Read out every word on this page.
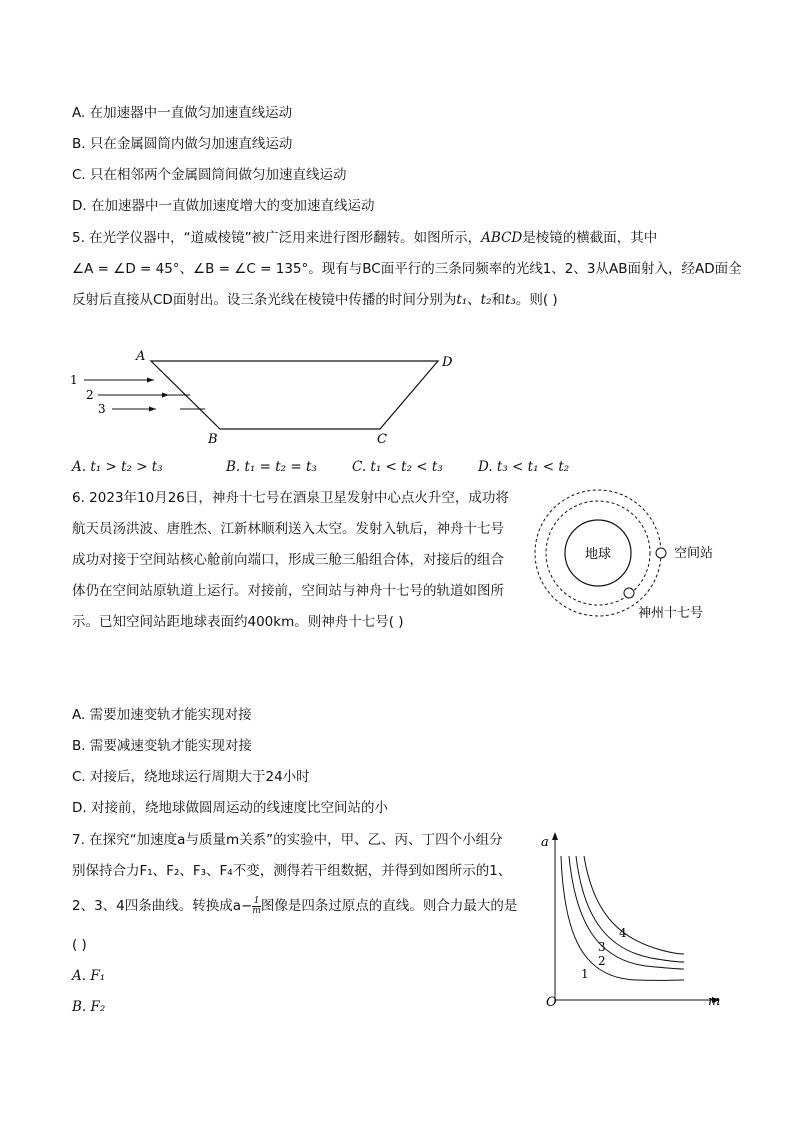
A. 在加速器中一直做匀加速直线运动
B. 只在金属圆筒内做匀加速直线运动
C. 只在相邻两个金属圆筒间做匀加速直线运动
D. 在加速器中一直做加速度增大的变加速直线运动
5. 在光学仪器中，“道威棱镜”被广泛用来进行图形翻转。如图所示，ABCD是棱镜的横截面，其中
∠A = ∠D = 45°、∠B = ∠C = 135°。现有与BC面平行的三条同频率的光线1、2、3从AB面射入，经AD面全
反射后直接从CD面射出。设三条光线在棱镜中传播的时间分别为t₁、t₂和t₃。则( )
A	D
B	C
1
2
3
A. t₁ > t₂ > t₃	B. t₁ = t₂ = t₃	C. t₁ < t₂ < t₃	D. t₃ < t₁ < t₂
6. 2023年10月26日，神舟十七号在酒泉卫星发射中心点火升空，成功将
航天员汤洪波、唐胜杰、江新林顺利送入太空。发射入轨后，神舟十七号
成功对接于空间站核心舱前向端口，形成三舱三船组合体，对接后的组合
体仍在空间站原轨道上运行。对接前，空间站与神舟十七号的轨道如图所
示。已知空间站距地球表面约400km。则神舟十七号( )
地球	空间站
神州十七号
A. 需要加速变轨才能实现对接
B. 需要减速变轨才能实现对接
C. 对接后，绕地球运行周期大于24小时
D. 对接前，绕地球做圆周运动的线速度比空间站的小
7. 在探究“加速度a与质量m关系”的实验中，甲、乙、丙、丁四个小组分
别保持合力F₁、F₂、F₃、F₄不变，测得若干组数据，并得到如图所示的1、
2、3、4四条曲线。转换成$a- \frac{1}{m}$ 图像是四条过原点的直线。则合力最大的是
( )
A. F₁
B. F₂
a
m
O
1
2
3
4
